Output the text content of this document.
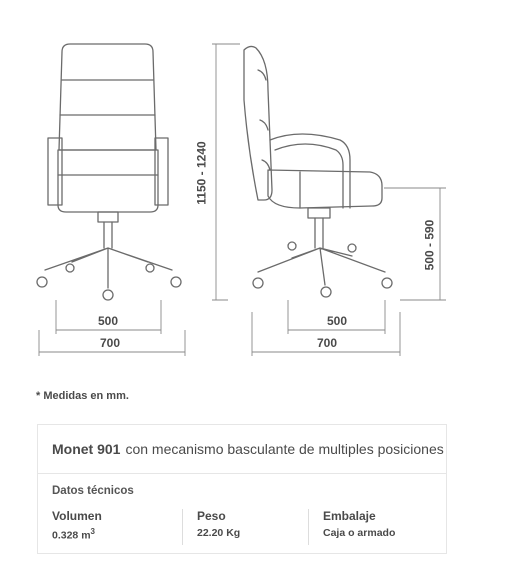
500
700
500
700
1150 - 1240
500 - 590
* Medidas en mm.
Monet 901 con mecanismo basculante de multiples posiciones
Datos técnicos
Volumen
0.328 $m^3$
Peso
22.20 Kg
Embalaje
Caja o armado
